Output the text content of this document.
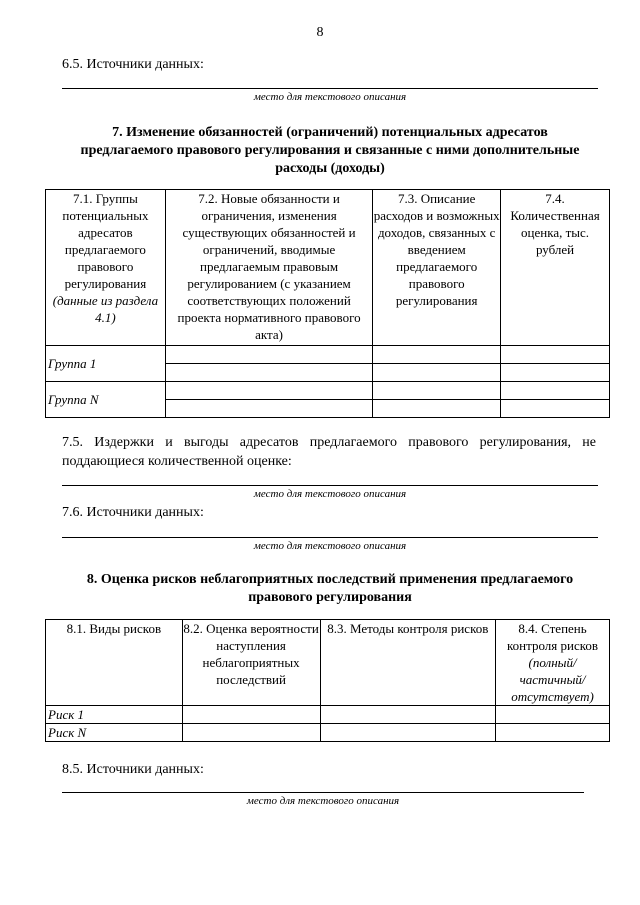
8
6.5. Источники данных:
место для текстового описания
7. Изменение обязанностей (ограничений) потенциальных адресатов
предлагаемого правового регулирования и связанные с ними дополнительные
расходы (доходы)
7.1. Группы потенциальных адресатов предлагаемого правового регулирования
(данные из раздела 4.1)	7.2. Новые обязанности и ограничения, изменения существующих обязанностей и ограничений, вводимые предлагаемым правовым регулированием (с указанием соответствующих положений проекта нормативного правового акта)	7.3. Описание расходов и возможных доходов, связанных с введением предлагаемого правового регулирования	7.4. Количественная оценка, тыс. рублей
Группа 1			

Группа N			

7.5. Издержки и выгоды адресатов предлагаемого правового регулирования, не
поддающиеся количественной оценке:
место для текстового описания
7.6. Источники данных:
место для текстового описания
8. Оценка рисков неблагоприятных последствий применения предлагаемого
правового регулирования
8.1. Виды рисков	8.2. Оценка вероятности наступления неблагоприятных последствий	8.3. Методы контроля рисков	8.4. Степень контроля рисков
(полный/ частичный/ отсутствует)

Риск 1			
Риск N			
8.5. Источники данных:
место для текстового описания
